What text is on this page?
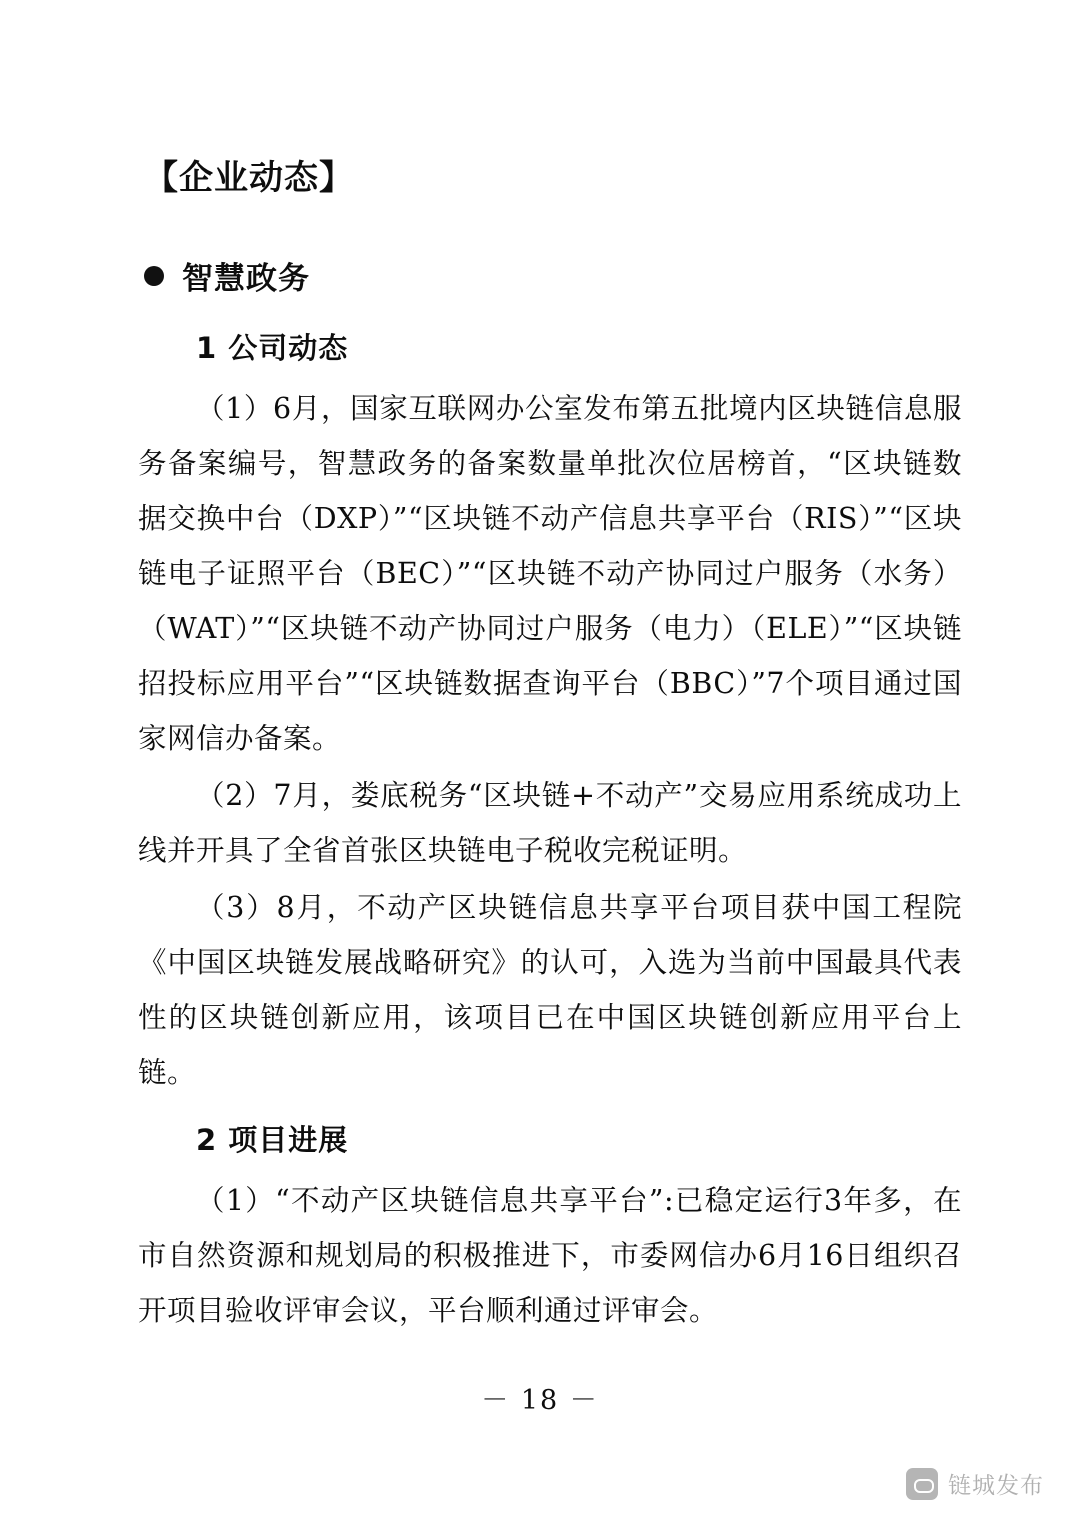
【企业动态】
智慧政务
1 公司动态

（1）6月，国家互联网办公室发布第五批境内区块链信息服务备案编号，智慧政务的备案数量单批次位居榜首，“区块链数据交换中台（DXP）”“区块链不动产信息共享平台（RIS）”“区块链电子证照平台（BEC）”“区块链不动产协同过户服务（水务）（WAT）”“区块链不动产协同过户服务（电力）（ELE）”“区块链招投标应用平台”“区块链数据查询平台（BBC）”7个项目通过国家网信办备案。

（2）7月，娄底税务“区块链+不动产”交易应用系统成功上线并开具了全省首张区块链电子税收完税证明。

（3）8月，不动产区块链信息共享平台项目获中国工程院《中国区块链发展战略研究》的认可，入选为当前中国最具代表性的区块链创新应用，该项目已在中国区块链创新应用平台上链。

2 项目进展

（1）“不动产区块链信息共享平台”:已稳定运行3年多，在市自然资源和规划局的积极推进下，市委网信办6月16日组织召开项目验收评审会议，平台顺利通过评审会。

－ 18 －
链城发布
